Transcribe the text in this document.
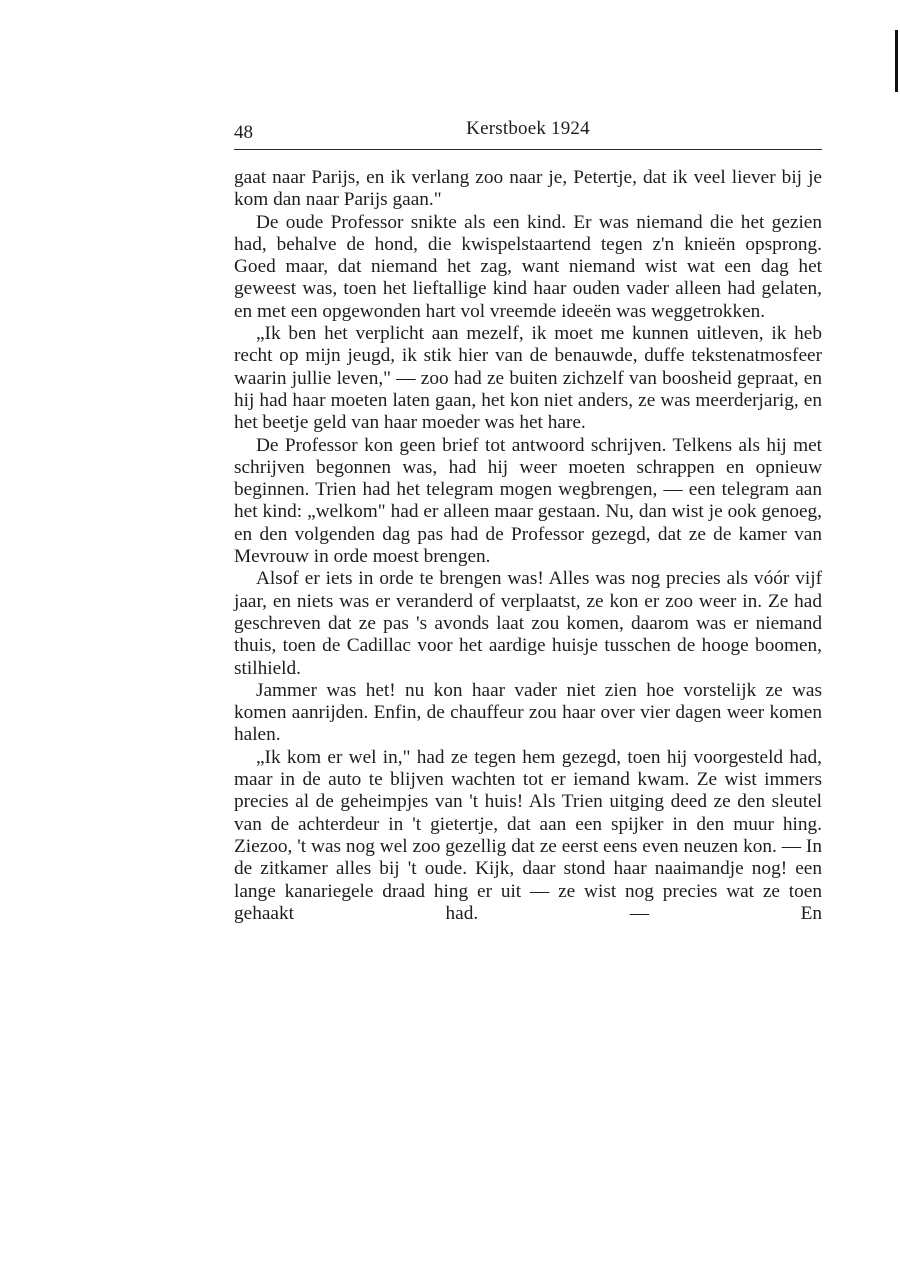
48	Kerstboek 1924

gaat naar Parijs, en ik verlang zoo naar je, Petertje, dat ik veel liever bij je kom dan naar Parijs gaan."

De oude Professor snikte als een kind. Er was niemand die het gezien had, behalve de hond, die kwispelstaartend tegen z'n knieën opsprong. Goed maar, dat niemand het zag, want niemand wist wat een dag het geweest was, toen het lieftallige kind haar ouden vader alleen had gelaten, en met een opgewonden hart vol vreemde ideeën was weggetrokken.

„Ik ben het verplicht aan mezelf, ik moet me kunnen uitleven, ik heb recht op mijn jeugd, ik stik hier van de benauwde, duffe tekstenatmosfeer waarin jullie leven," — zoo had ze buiten zichzelf van boosheid gepraat, en hij had haar moeten laten gaan, het kon niet anders, ze was meerderjarig, en het beetje geld van haar moeder was het hare.

De Professor kon geen brief tot antwoord schrijven. Telkens als hij met schrijven begonnen was, had hij weer moeten schrappen en opnieuw beginnen. Trien had het telegram mogen wegbrengen, — een telegram aan het kind: „welkom" had er alleen maar gestaan. Nu, dan wist je ook genoeg, en den volgenden dag pas had de Professor gezegd, dat ze de kamer van Mevrouw in orde moest brengen.

Alsof er iets in orde te brengen was! Alles was nog precies als vóór vijf jaar, en niets was er veranderd of verplaatst, ze kon er zoo weer in. Ze had geschreven dat ze pas 's avonds laat zou komen, daarom was er niemand thuis, toen de Cadillac voor het aardige huisje tusschen de hooge boomen, stilhield.

Jammer was het! nu kon haar vader niet zien hoe vorstelijk ze was komen aanrijden. Enfin, de chauffeur zou haar over vier dagen weer komen halen.

„Ik kom er wel in," had ze tegen hem gezegd, toen hij voorgesteld had, maar in de auto te blijven wachten tot er iemand kwam. Ze wist immers precies al de geheimpjes van 't huis! Als Trien uitging deed ze den sleutel van de achterdeur in 't gietertje, dat aan een spijker in den muur hing. Ziezoo, 't was nog wel zoo gezellig dat ze eerst eens even neuzen kon. — In de zitkamer alles bij 't oude. Kijk, daar stond haar naaimandje nog! een lange kanariegele draad hing er uit — ze wist nog precies wat ze toen gehaakt had. — En
